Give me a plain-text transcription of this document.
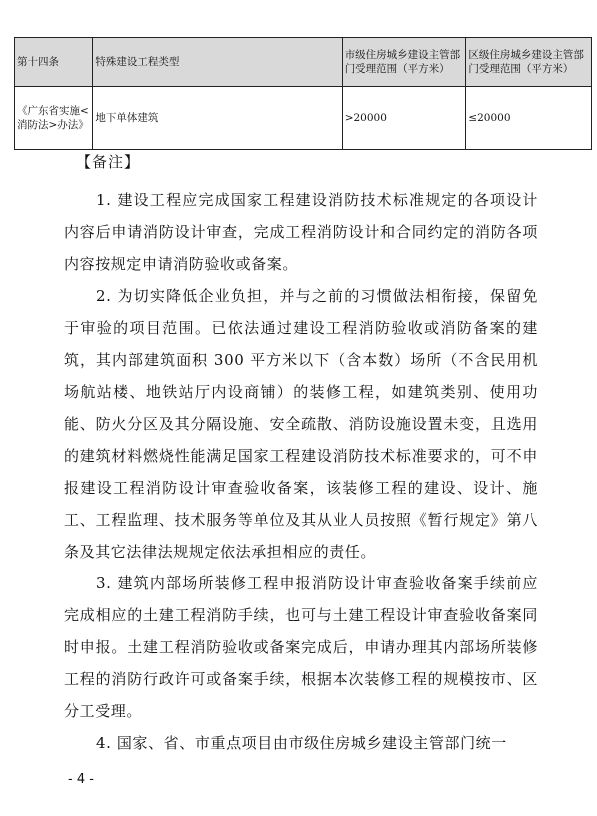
第十四条	特殊建设工程类型	市级住房城乡建设主管部门受理范围（平方米）	区级住房城乡建设主管部门受理范围（平方米）
《广东省实施<消防法>办法》	地下单体建筑	>20000	≤20000
【备注】

1. 建设工程应完成国家工程建设消防技术标准规定的各项设计内容后申请消防设计审查，完成工程消防设计和合同约定的消防各项内容按规定申请消防验收或备案。

2. 为切实降低企业负担，并与之前的习惯做法相衔接，保留免于审验的项目范围。已依法通过建设工程消防验收或消防备案的建筑，其内部建筑面积 300 平方米以下（含本数）场所（不含民用机场航站楼、地铁站厅内设商铺）的装修工程，如建筑类别、使用功能、防火分区及其分隔设施、安全疏散、消防设施设置未变，且选用的建筑材料燃烧性能满足国家工程建设消防技术标准要求的，可不申报建设工程消防设计审查验收备案，该装修工程的建设、设计、施工、工程监理、技术服务等单位及其从业人员按照《暂行规定》第八条及其它法律法规规定依法承担相应的责任。

3. 建筑内部场所装修工程申报消防设计审查验收备案手续前应完成相应的土建工程消防手续，也可与土建工程设计审查验收备案同时申报。土建工程消防验收或备案完成后，申请办理其内部场所装修工程的消防行政许可或备案手续，根据本次装修工程的规模按市、区分工受理。

4. 国家、省、市重点项目由市级住房城乡建设主管部门统一

- 4 -
